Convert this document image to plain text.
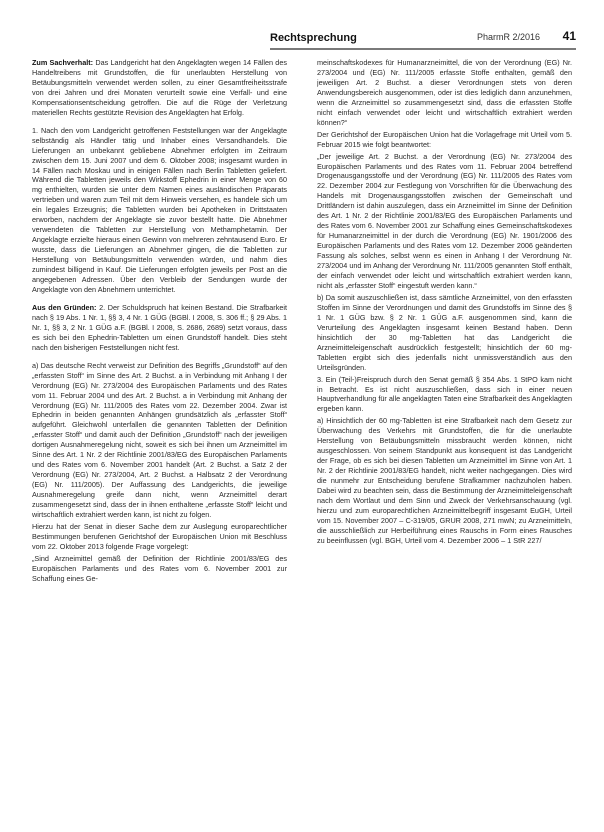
Rechtsprechung	PharmR 2/2016 41

Zum Sachverhalt: Das Landgericht hat den Angeklagten wegen 14 Fällen des Handeltreibens mit Grundstoffen, die für unerlaubten Herstellung von Betäubungsmitteln verwendet werden sollen, zu einer Gesamtfreiheitsstrafe von drei Jahren und drei Monaten verurteilt sowie eine Verfall- und eine Kompensationsentscheidung getroffen. Die auf die Rüge der Verletzung materiellen Rechts gestützte Revision des Angeklagten hat Erfolg.

1. Nach den vom Landgericht getroffenen Feststellungen war der Angeklagte selbständig als Händler tätig und Inhaber eines Versandhandels. Die Lieferungen an unbekannt gebliebene Abnehmer erfolgten im Zeitraum zwischen dem 15. Juni 2007 und dem 6. Oktober 2008; insgesamt wurden in 14 Fällen nach Moskau und in einigen Fällen nach Berlin Tabletten geliefert. Während die Tabletten jeweils den Wirkstoff Ephedrin in einer Menge von 60 mg enthielten, wurden sie unter dem Namen eines ausländischen Präparats vertrieben und waren zum Teil mit dem Hinweis versehen, es handele sich um ein legales Erzeugnis; die Tabletten wurden bei Apotheken in Drittstaaten erworben, nachdem der Angeklagte sie zuvor bestellt hatte. Die Abnehmer verwendeten die Tabletten zur Herstellung von Methamphetamin. Der Angeklagte erzielte hieraus einen Gewinn von mehreren zehntausend Euro. Er wusste, dass die Lieferungen an Abnehmer gingen, die die Tabletten zur Herstellung von Betäubungsmitteln verwenden würden, und nahm dies zumindest billigend in Kauf. Die Lieferungen erfolgten jeweils per Post an die angegebenen Adressen. Über den Verbleib der Sendungen wurde der Angeklagte von den Abnehmern unterrichtet.

Aus den Gründen: 2. Der Schuldspruch hat keinen Bestand. Die Strafbarkeit nach § 19 Abs. 1 Nr. 1, §§ 3, 4 Nr. 1 GÜG (BGBl. I 2008, S. 306 ff.; § 29 Abs. 1 Nr. 1, §§ 3, 2 Nr. 1 GÜG a.F. (BGBl. I 2008, S. 2686, 2689) setzt voraus, dass es sich bei den Ephedrin-Tabletten um einen Grundstoff handelt. Dies steht nach den bisherigen Feststellungen nicht fest.

a) Das deutsche Recht verweist zur Definition des Begriffs „Grundstoff“ auf den „erfassten Stoff“ im Sinne des Art. 2 Buchst. a in Verbindung mit Anhang I der Verordnung (EG) Nr. 273/2004 des Europäischen Parlaments und des Rates vom 11. Februar 2004 und des Art. 2 Buchst. a in Verbindung mit Anhang der Verordnung (EG) Nr. 111/2005 des Rates vom 22. Dezember 2004. Zwar ist Ephedrin in beiden genannten Anhängen grundsätzlich als „erfasster Stoff“ aufgeführt. Gleichwohl unterfallen die genannten Tabletten der Definition „erfasster Stoff“ und damit auch der Definition „Grundstoff“ nach der jeweiligen dortigen Ausnahmeregelung nicht, soweit es sich bei ihnen um Arzneimittel im Sinne des Art. 1 Nr. 2 der Richtlinie 2001/83/EG des Europäischen Parlaments und des Rates vom 6. November 2001 handelt (Art. 2 Buchst. a Satz 2 der Verordnung (EG) Nr. 273/2004, Art. 2 Buchst. a Halbsatz 2 der Verordnung (EG) Nr. 111/2005). Der Auffassung des Landgerichts, die jeweilige Ausnahmeregelung greife dann nicht, wenn Arzneimittel derart zusammengesetzt sind, dass der in ihnen enthaltene „erfasste Stoff“ leicht und wirtschaftlich extrahiert werden kann, ist nicht zu folgen.

Hierzu hat der Senat in dieser Sache dem zur Auslegung europarechtlicher Bestimmungen berufenen Gerichtshof der Europäischen Union mit Beschluss vom 22. Oktober 2013 folgende Frage vorgelegt:

„Sind Arzneimittel gemäß der Definition der Richtlinie 2001/83/EG des Europäischen Parlaments und des Rates vom 6. November 2001 zur Schaffung eines Ge-

meinschaftskodexes für Humanarzneimittel, die von der Verordnung (EG) Nr. 273/2004 und (EG) Nr. 111/2005 erfasste Stoffe enthalten, gemäß den jeweiligen Art. 2 Buchst. a dieser Verordnungen stets von deren Anwendungsbereich ausgenommen, oder ist dies lediglich dann anzunehmen, wenn die Arzneimittel so zusammengesetzt sind, dass die erfassten Stoffe nicht einfach verwendet oder leicht und wirtschaftlich extrahiert werden können?“

Der Gerichtshof der Europäischen Union hat die Vorlagefrage mit Urteil vom 5. Februar 2015 wie folgt beantwortet:

„Der jeweilige Art. 2 Buchst. a der Verordnung (EG) Nr. 273/2004 des Europäischen Parlaments und des Rates vom 11. Februar 2004 betreffend Drogenausgangsstoffe und der Verordnung (EG) Nr. 111/2005 des Rates vom 22. Dezember 2004 zur Festlegung von Vorschriften für die Überwachung des Handels mit Drogenausgangsstoffen zwischen der Gemeinschaft und Drittländern ist dahin auszulegen, dass ein Arzneimittel im Sinne der Definition des Art. 1 Nr. 2 der Richtlinie 2001/83/EG des Europäischen Parlaments und des Rates vom 6. November 2001 zur Schaffung eines Gemeinschaftskodexes für Humanarzneimittel in der durch die Verordnung (EG) Nr. 1901/2006 des Europäischen Parlaments und des Rates vom 12. Dezember 2006 geänderten Fassung als solches, selbst wenn es einen in Anhang I der Verordnung Nr. 273/2004 und im Anhang der Verordnung Nr. 111/2005 genannten Stoff enthält, der einfach verwendet oder leicht und wirtschaftlich extrahiert werden kann, nicht als „erfasster Stoff“ eingestuft werden kann.“

b) Da somit auszuschließen ist, dass sämtliche Arzneimittel, von den erfassten Stoffen im Sinne der Verordnungen und damit des Grundstoffs im Sinne des § 1 Nr. 1 GÜG bzw. § 2 Nr. 1 GÜG a.F. ausgenommen sind, kann die Verurteilung des Angeklagten insgesamt keinen Bestand haben. Denn hinsichtlich der 30 mg-Tabletten hat das Landgericht die Arzneimitteleigenschaft ausdrücklich festgestellt; hinsichtlich der 60 mg-Tabletten ergibt sich dies jedenfalls nicht unmissverständlich aus den Urteilsgründen.

3. Ein (Teil-)Freispruch durch den Senat gemäß § 354 Abs. 1 StPO kam nicht in Betracht. Es ist nicht auszuschließen, dass sich in einer neuen Hauptverhandlung für alle angeklagten Taten eine Strafbarkeit des Angeklagten ergeben kann.

a) Hinsichtlich der 60 mg-Tabletten ist eine Strafbarkeit nach dem Gesetz zur Überwachung des Verkehrs mit Grundstoffen, die für die unerlaubte Herstellung von Betäubungsmitteln missbraucht werden können, nicht ausgeschlossen. Von seinem Standpunkt aus konsequent ist das Landgericht der Frage, ob es sich bei diesen Tabletten um Arzneimittel im Sinne von Art. 1 Nr. 2 der Richtlinie 2001/83/EG handelt, nicht weiter nachgegangen. Dies wird die nunmehr zur Entscheidung berufene Strafkammer nachzuholen haben. Dabei wird zu beachten sein, dass die Bestimmung der Arzneimitteleigenschaft nach dem Wortlaut und dem Sinn und Zweck der Verkehrsanschauung (vgl. hierzu und zum europarechtlichen Arzneimittelbegriff insgesamt EuGH, Urteil vom 15. November 2007 – C-319/05, GRUR 2008, 271 mwN; zu Arzneimitteln, die ausschließlich zur Herbeiführung eines Rauschs in Form eines Rausches zu beeinflussen (vgl. BGH, Urteil vom 4. Dezember 2006 – 1 StR 227/
